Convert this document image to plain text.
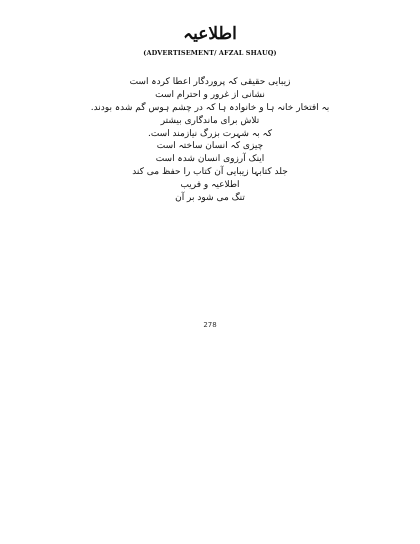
اطلاعیہ

(ADVERTISEMENT/ AFZAL SHAUQ)

زیبایی حقیقی کہ پروردگار اعطا کردہ است
نشانی از غرور و احترام است
بہ افتخار خانہ ہا و خانوادہ ہا کہ در چشم ہوس گم شدہ بودند.
تلاش برای ماندگاری بیشتر
کہ بہ شہرت بزرگ نیازمند است.
چیزی کہ انسان ساختہ است
اینک آرزوی انسان شدہ است
جلد کتابہا زیبایی آن کتاب را حفظ می کند
اطلاعیہ و فریب
تنگ می شود بر آن

278
